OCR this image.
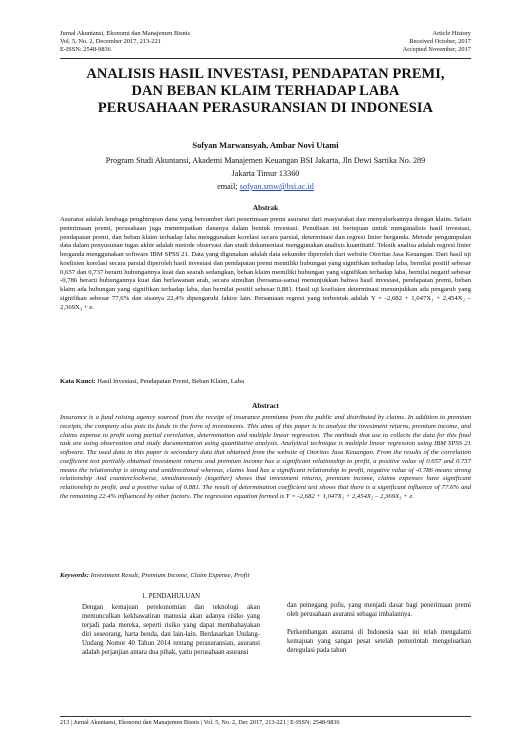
Jurnal Akuntansi, Ekonomi dan Manajemen Bisnis
Vol. 5, No. 2, December 2017, 213-221
E-ISSN: 2548-9836
Article History
Received October, 2017
Accepted November, 2017
ANALISIS HASIL INVESTASI, PENDAPATAN PREMI,
DAN BEBAN KLAIM TERHADAP LABA
PERUSAHAAN PERASURANSIAN DI INDONESIA
Sofyan Marwansyah, Ambar Novi Utami
Program Studi Akuntansi, Akademi Manajemen Keuangan BSI Jakarta, Jln Dewi Sartika No. 289
Jakarta Timur 13360
email; sofyan.smw@bsi.ac.id
Abstrak
Asuransi adalah lembaga penghimpun dana yang bersumber dari penerimaan premi asuransi dari masyarakat dan menyalurkannya dengan klaim. Selain penerimaan premi, perusahaan juga menempatkan dananya dalam bentuk investasi. Penulisan ini bertujuan untuk menganalisis hasil investasi, pendapatan premi, dan beban klaim terhadap laba menggunakan korelasi secara parsial, determinasi dan regresi linier berganda. Metode pengumpulan data dalam penyusunan tugas akhir adalah metode observasi dan studi dokumentasi menggunakan analisis kuantitatif. Teknik analisa adalah regresi linier berganda menggunakan software IBM SPSS 21. Data yang digunakan adalah data sekunder diperoleh dari website Otoritas Jasa Keuangan. Dari hasil uji koefisien korelasi secara parsial diperoleh hasil investasi dan pendapatan premi memiliki hubungan yang signifikan terhadap laba, bernilai positif sebesar 0,657 dan 0,737 berarti hubungannya kuat dan searah sedangkan, beban klaim memiliki hubungan yang signifikan terhadap laba, bernilai negatif sebesar -0,786 berarti hubungannya kuat dan berlawanan arah, secara simultan (bersama-sama) menunjukkan bahwa hasil investasi, pendapatan premi, beban klaim ada hubungan yang signifikan terhadap laba, dan bernilai positif sebesar 0,881. Hasil uji koefisien determinasi menunjukkan ada pengaruh yang signifikan sebesar 77,6% dan sisanya 22,4% dipengaruhi faktor lain. Persamaan regresi yang terbentuk adalah Y = -2,682 + 1,047X₁ + 2,454X₂ – 2,369X₃ + e.
Kata Kunci: Hasil Investasi, Pendapatan Premi, Beban Klaim, Laba
Abstract
Insurance is a fund raising agency sourced from the receipt of insurance premiums from the public and distributed by claims. In addition to premium receipts, the company also puts its funds in the form of investments. This aims of this paper is to analyze the investment returns, premium income, and claims expense to profit using partial correlation, determination and multiple linear regression. The methods that use to collects the data for this final task are using observation and study documentation using quantitative analysis. Analytical technique is multiple linear regression using IBM SPSS 21 software. The used data in this paper is secondary data that obtained from the website of Otoritas Jasa Keuangan. From the results of the correlation coefficient test partially obtained investment returns and premium income has a significant relationship to profit, a positive value of 0.657 and 0.737 means the relationship is strong and unidirectional whereas, claims load has a significant relationship to profit, negative value of -0.786 means strong relationship And counterclockwise, simultaneously (together) shows that investment returns, premium income, claims expenses have significant relationship to profit, and a positive value of 0.881. The result of determination coefficient test shows that there is a significant influence of 77.6% and the remaining 22.4% influenced by other factors. The regression equation formed is Y = -2,682 + 1,047X₁ + 2,454X₂ – 2,369X₃ + e.
Keywords: Investment Result, Premium Income, Claim Expense, Profit
1. PENDAHULUAN

Dengan kemajuan perekonomian dan teknologi akan memunculkan kekhawatiran manusia akan adanya risiko yang terjadi pada mereka, seperti risiko yang dapat membahayakan diri seseorang, harta benda, dan lain-lain. Berdasarkan Undang-Undang Nomor 40 Tahun 2014 tentang perasuransian, asuransi adalah perjanjian antara dua pihak, yaitu perusahaan asuransi

dan pemegang polis, yang menjadi dasar bagi penerimaan premi oleh perusahaan asuransi sebagai imbalannya.

Perkembangan asuransi di Indonesia saat ini telah mengalami kemajuan yang sangat pesat setelah pemerintah mengeluarkan deregulasi pada tahun

213 | Jurnal Akuntansi, Ekonomi dan Manajemen Bisnis | Vol. 5, No. 2, Dec 2017, 213-221 | E-ISSN: 2548-9836
